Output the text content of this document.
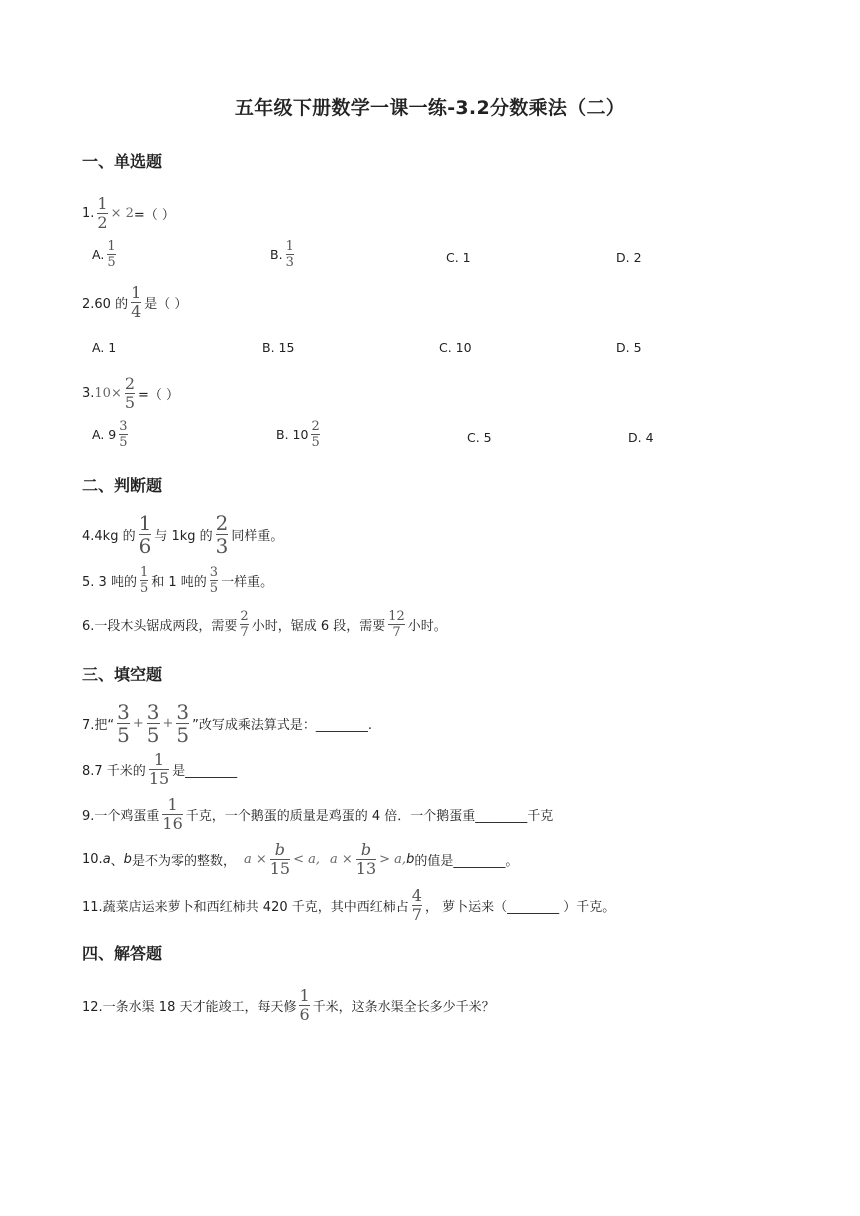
五年级下册数学一课一练-3.2分数乘法（二）
一、单选题
1. $\frac{1}{2} \times 2$ =（ ）
A. $\frac{1}{5}$	B. $\frac{1}{3}$	C. 1	D. 2
2.60 的 $\frac{1}{4}$ 是（ ）
A. 1	B. 15	C. 10	D. 5
3. $10\times \frac{2}{5}$ =（ ）
A. $9 \frac{3}{5}$	B. $10 \frac{2}{5}$	C. 5	D. 4
二、判断题
4.4kg 的 $\frac{1}{6}$ 与 1kg 的 $\frac{2}{3}$ 同样重。
5. 3 吨的 $\frac{1}{5}$ 和 1 吨的 $\frac{3}{5}$ 一样重。
6.一段木头锯成两段，需要 $\frac{2}{7}$ 小时，锯成 6 段，需要 $\frac{12}{7}$ 小时。
三、填空题
7.把“ $\frac{3}{5} + \frac{3}{5} + \frac{3}{5}$ ”改写成乘法算式是：________.
8.7 千米的 $\frac{1}{15}$ 是________
9.一个鸡蛋重 $\frac{1}{16}$ 千克，一个鹅蛋的质量是鸡蛋的 4 倍．一个鹅蛋重________千克
10. a 、 b 是不为零的整数， $a \times \frac{b}{15} < a$, $a \times \frac{b}{13} > a$, b 的值是________。
11.蔬菜店运来萝卜和西红柿共 420 千克，其中西红柿占 $\frac{4}{7}$ ， 萝卜运来（________ ）千克。
四、解答题
12.一条水渠 18 天才能竣工，每天修 $\frac{1}{6}$ 千米，这条水渠全长多少千米？
